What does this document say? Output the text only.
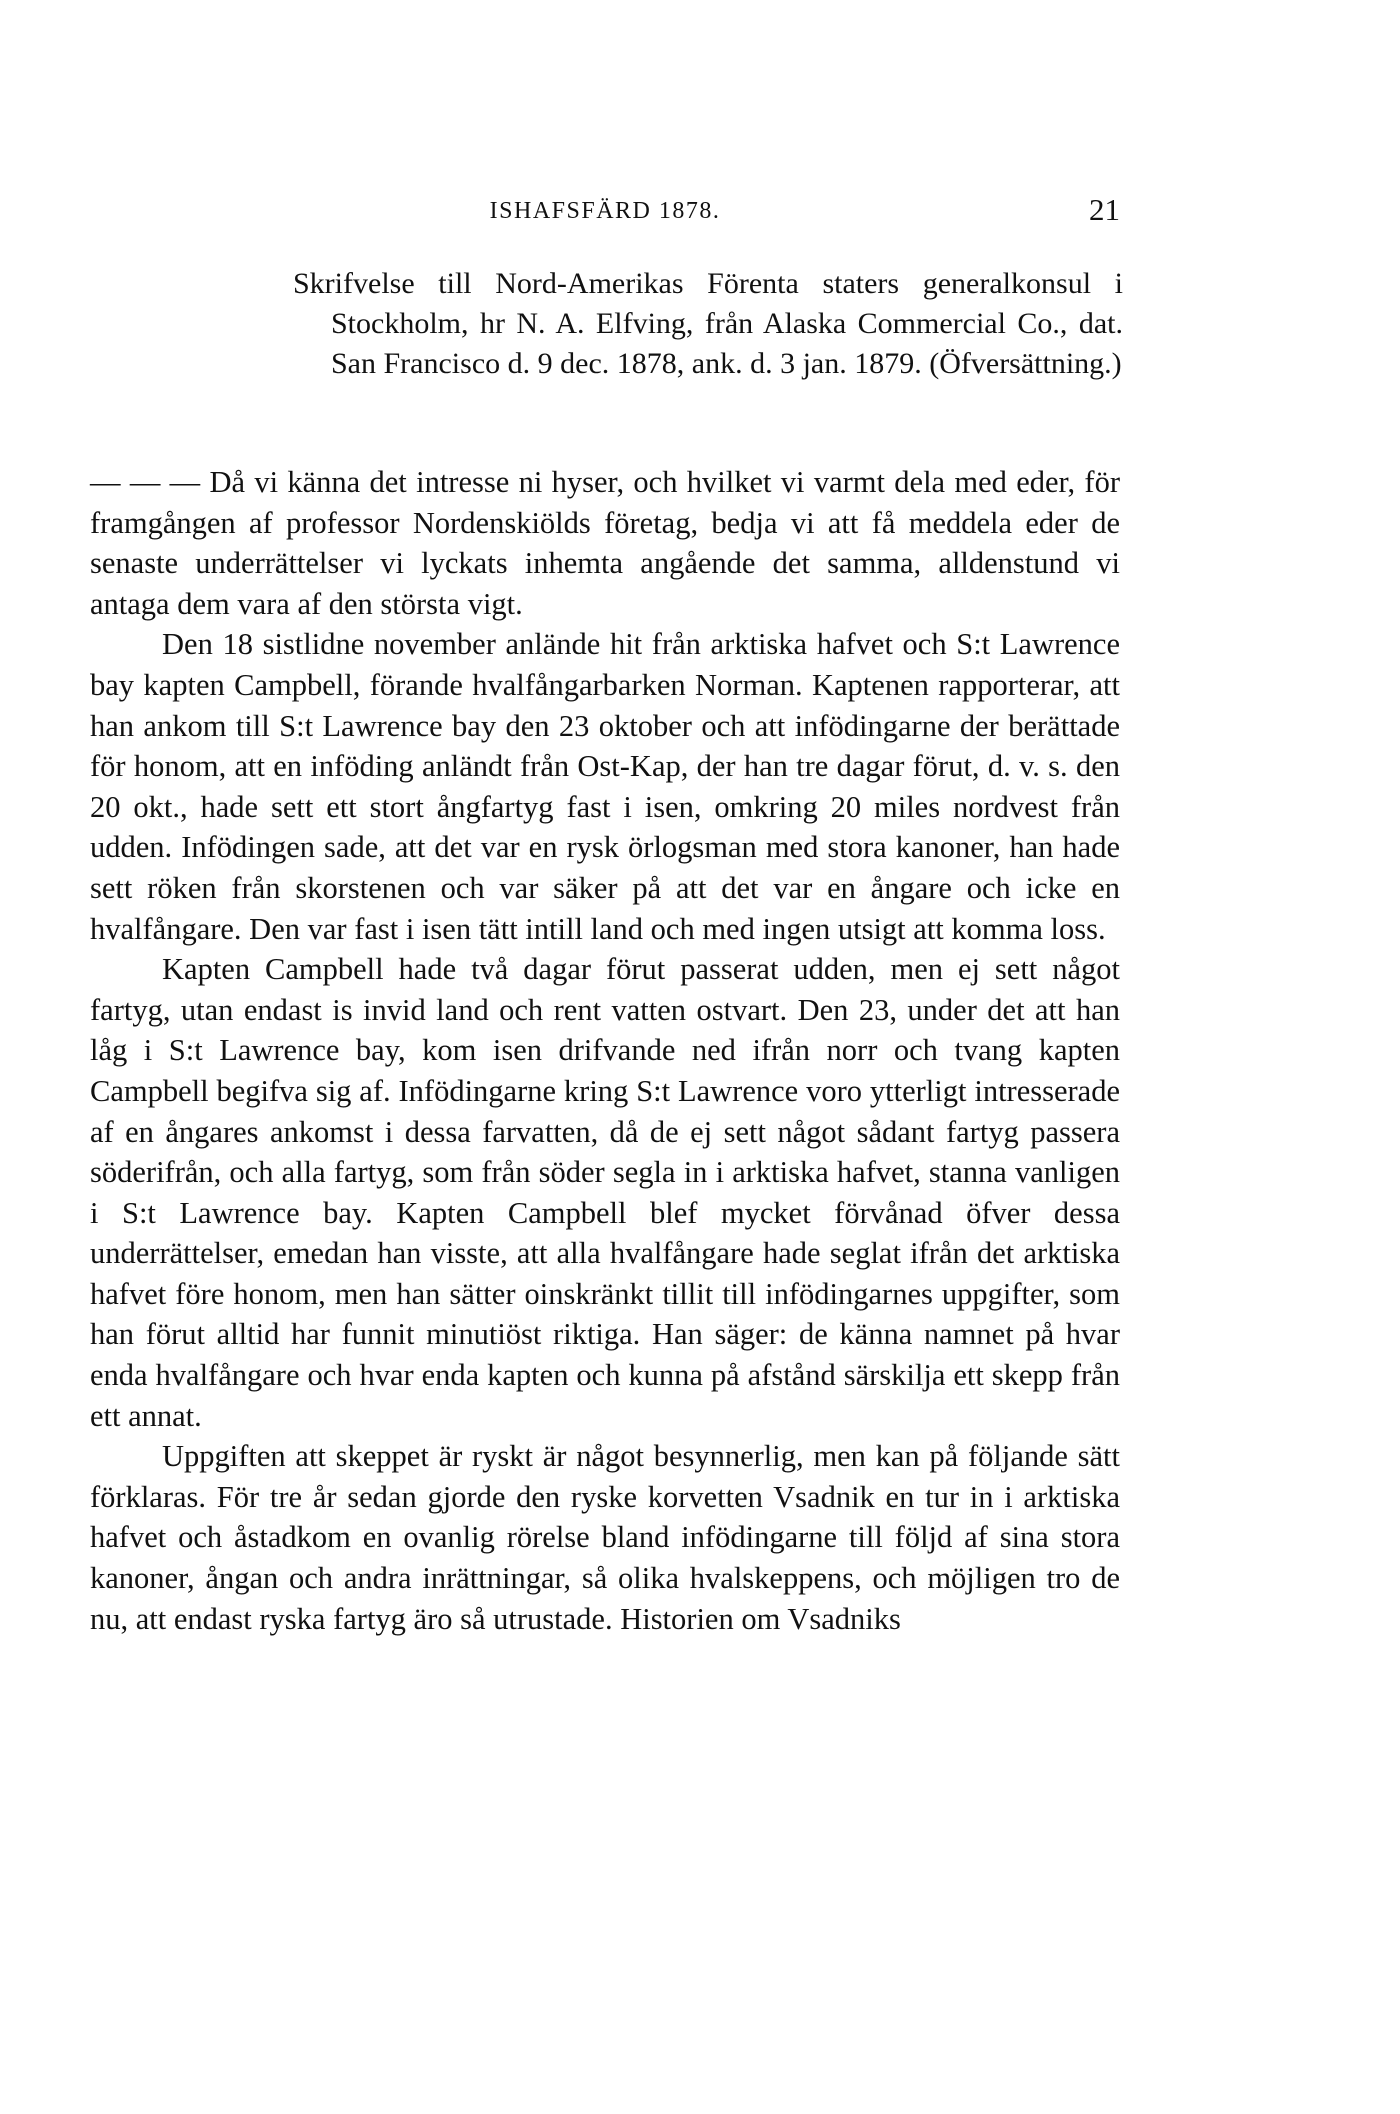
ISHAFSFÄRD 1878.	21

Skrifvelse till Nord-Amerikas Förenta staters generalkonsul i Stockholm, hr N. A. Elfving, från Alaska Commercial Co., dat. San Francisco d. 9 dec. 1878, ank. d. 3 jan. 1879. (Öfversättning.)

— — — Då vi känna det intresse ni hyser, och hvilket vi varmt dela med eder, för framgången af professor Nordenskiölds företag, bedja vi att få meddela eder de senaste underrättelser vi lyckats inhemta angående det samma, alldenstund vi antaga dem vara af den största vigt.

Den 18 sistlidne november anlände hit från arktiska hafvet och S:t Lawrence bay kapten Campbell, förande hvalfångarbarken Norman. Kaptenen rapporterar, att han ankom till S:t Lawrence bay den 23 oktober och att infödingarne der berättade för honom, att en inföding anländt från Ost-Kap, der han tre dagar förut, d. v. s. den 20 okt., hade sett ett stort ångfartyg fast i isen, omkring 20 miles nordvest från udden. Infödingen sade, att det var en rysk örlogsman med stora kanoner, han hade sett röken från skorstenen och var säker på att det var en ångare och icke en hvalfångare. Den var fast i isen tätt intill land och med ingen utsigt att komma loss.

Kapten Campbell hade två dagar förut passerat udden, men ej sett något fartyg, utan endast is invid land och rent vatten ostvart. Den 23, under det att han låg i S:t Lawrence bay, kom isen drifvande ned ifrån norr och tvang kapten Campbell begifva sig af. Infödingarne kring S:t Lawrence voro ytterligt intresserade af en ångares ankomst i dessa farvatten, då de ej sett något sådant fartyg passera söderifrån, och alla fartyg, som från söder segla in i arktiska hafvet, stanna vanligen i S:t Lawrence bay. Kapten Campbell blef mycket förvånad öfver dessa underrättelser, emedan han visste, att alla hvalfångare hade seglat ifrån det arktiska hafvet före honom, men han sätter oinskränkt tillit till infödingarnes uppgifter, som han förut alltid har funnit minutiöst riktiga. Han säger: de känna namnet på hvar enda hvalfångare och hvar enda kapten och kunna på afstånd särskilja ett skepp från ett annat.

Uppgiften att skeppet är ryskt är något besynnerlig, men kan på följande sätt förklaras. För tre år sedan gjorde den ryske korvetten Vsadnik en tur in i arktiska hafvet och åstadkom en ovanlig rörelse bland infödingarne till följd af sina stora kanoner, ångan och andra inrättningar, så olika hvalskeppens, och möjligen tro de nu, att endast ryska fartyg äro så utrustade. Historien om Vsadniks
